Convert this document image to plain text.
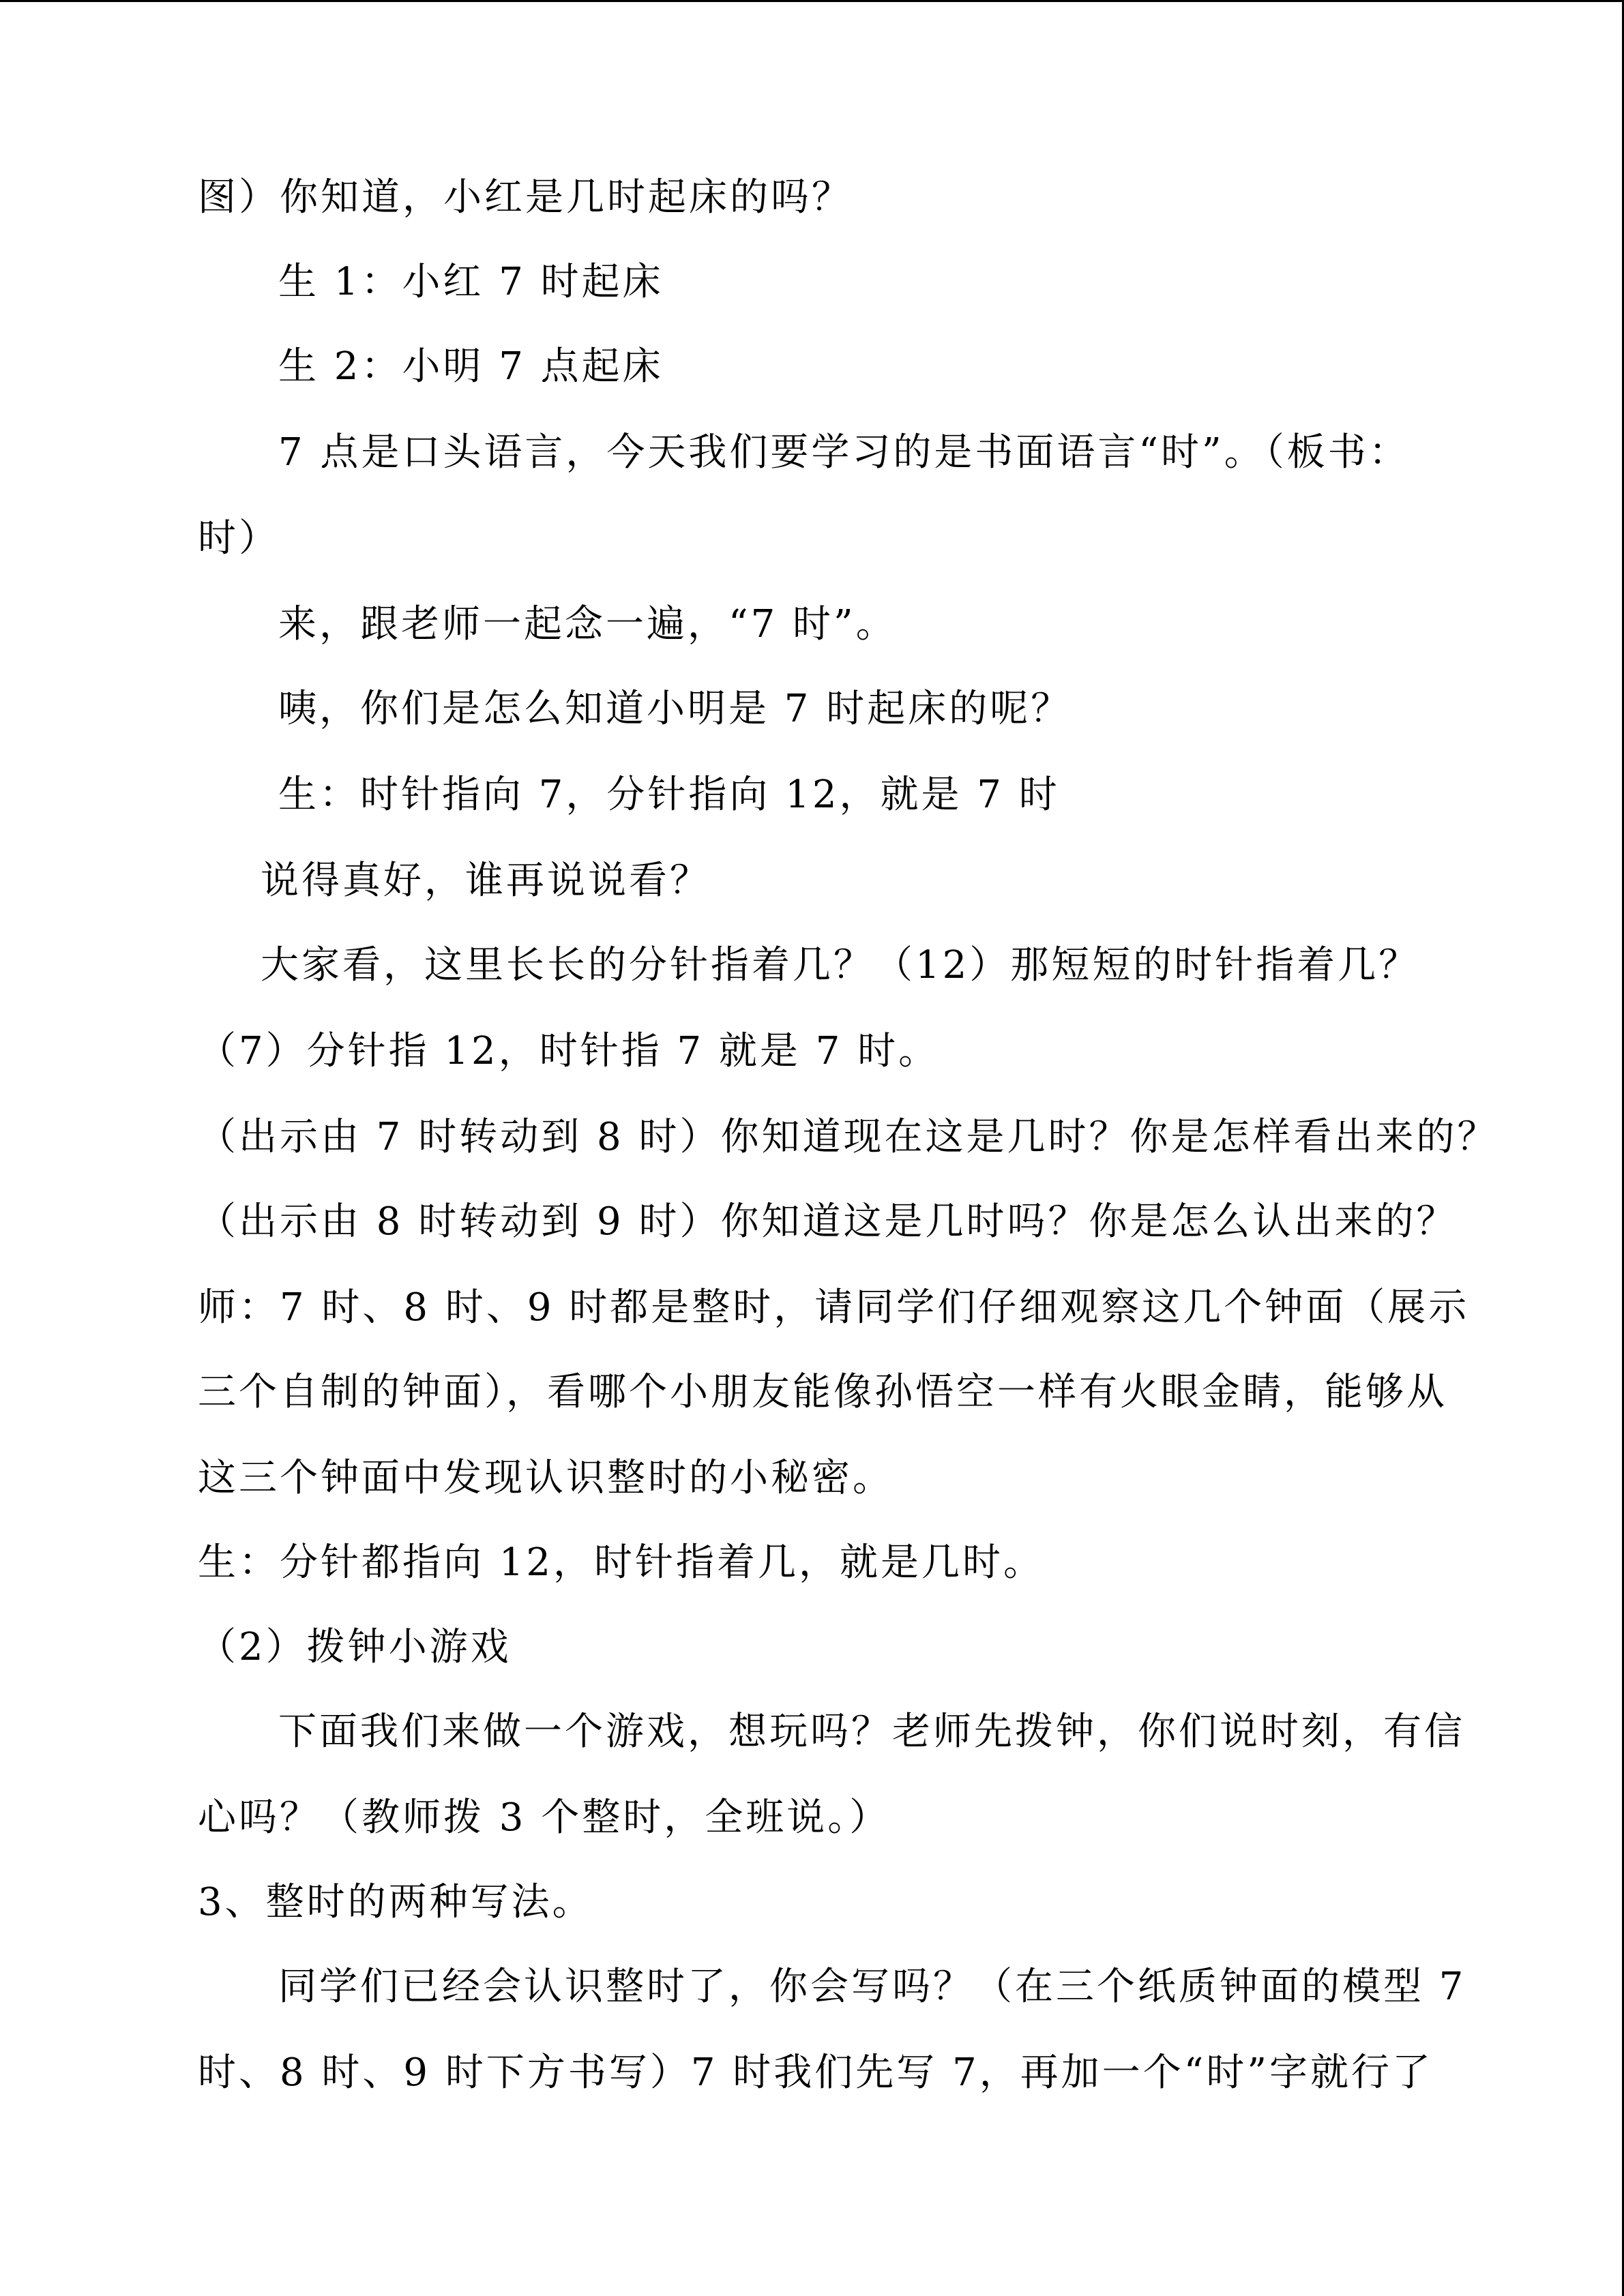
图）你知道，小红是几时起床的吗？

生 1：小红 7 时起床

生 2：小明 7 点起床

7 点是口头语言，今天我们要学习的是书面语言“时”。（板书：

时）

来，跟老师一起念一遍，“7 时”。

咦，你们是怎么知道小明是 7 时起床的呢？

生：时针指向 7，分针指向 12，就是 7 时

说得真好，谁再说说看？

大家看，这里长长的分针指着几？（12）那短短的时针指着几？

（7）分针指 12，时针指 7 就是 7 时。

（出示由 7 时转动到 8 时）你知道现在这是几时？你是怎样看出来的？

（出示由 8 时转动到 9 时）你知道这是几时吗？你是怎么认出来的？

师：7 时、8 时、9 时都是整时，请同学们仔细观察这几个钟面（展示

三个自制的钟面），看哪个小朋友能像孙悟空一样有火眼金睛，能够从

这三个钟面中发现认识整时的小秘密。

生：分针都指向 12，时针指着几，就是几时。

（2）拨钟小游戏

下面我们来做一个游戏，想玩吗？老师先拨钟，你们说时刻，有信

心吗？（教师拨 3 个整时，全班说。）

3、整时的两种写法。

同学们已经会认识整时了，你会写吗？（在三个纸质钟面的模型 7

时、8 时、9 时下方书写）7 时我们先写 7，再加一个“时”字就行了
